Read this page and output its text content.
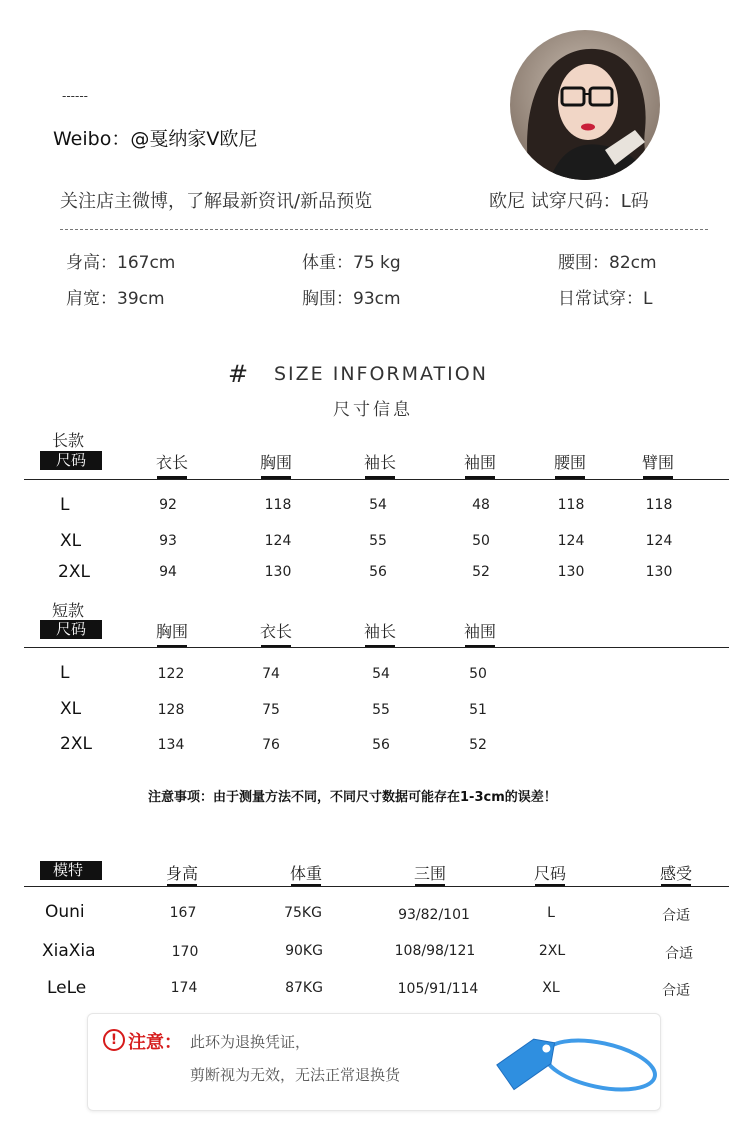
------
Weibo：@戛纳家V欧尼
关注店主微博，了解最新资讯/新品预览	欧尼 试穿尺码：L码
身高：167cm	体重：75 kg	腰围：82cm
肩宽：39cm	胸围：93cm	日常试穿：L
# SIZE INFORMATION
尺寸信息
长款
尺码	衣长	胸围	袖长	袖围	腰围	臂围
L	92	118	54	48	118	118
XL	93	124	55	50	124	124
2XL	94	130	56	52	130	130
短款
尺码	胸围	衣长	袖长	袖围
L	122	74	54	50
XL	128	75	55	51
2XL	134	76	56	52
注意事项：由于测量方法不同，不同尺寸数据可能存在1-3cm的误差！
模特	身高	体重	三围	尺码	感受
Ouni	167	75KG	93/82/101	L	合适
XiaXia	170	90KG	108/98/121	2XL	合适
LeLe	174	87KG	105/91/114	XL	合适
! 注意： 此环为退换凭证，
剪断视为无效，无法正常退换货
